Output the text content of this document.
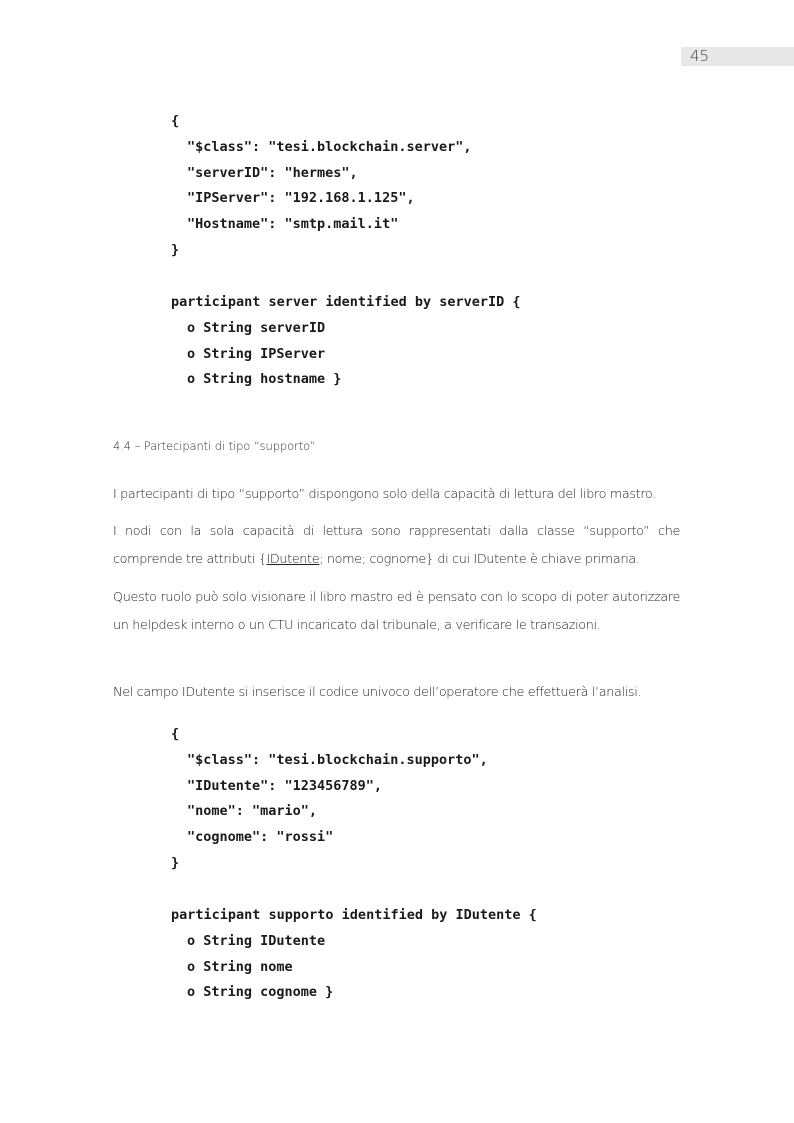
45
{
"$class": "tesi.blockchain.server",
"serverID": "hermes",
"IPServer": "192.168.1.125",
"Hostname": "smtp.mail.it"
}
participant server identified by serverID {
o String serverID
o String IPServer
o String hostname }
4.4 – Partecipanti di tipo “supporto”

I partecipanti di tipo “supporto” dispongono solo della capacità di lettura del libro mastro.

I nodi con la sola capacità di lettura sono rappresentati dalla classe “supporto” che comprende tre attributi {IDutente; nome; cognome} di cui IDutente è chiave primaria.

Questo ruolo può solo visionare il libro mastro ed è pensato con lo scopo di poter autorizzare un helpdesk interno o un CTU incaricato dal tribunale, a verificare le transazioni.

Nel campo IDutente si inserisce il codice univoco dell’operatore che effettuerà l’analisi.

{
"$class": "tesi.blockchain.supporto",
"IDutente": "123456789",
"nome": "mario",
"cognome": "rossi"
}
participant supporto identified by IDutente {
o String IDutente
o String nome
o String cognome }
